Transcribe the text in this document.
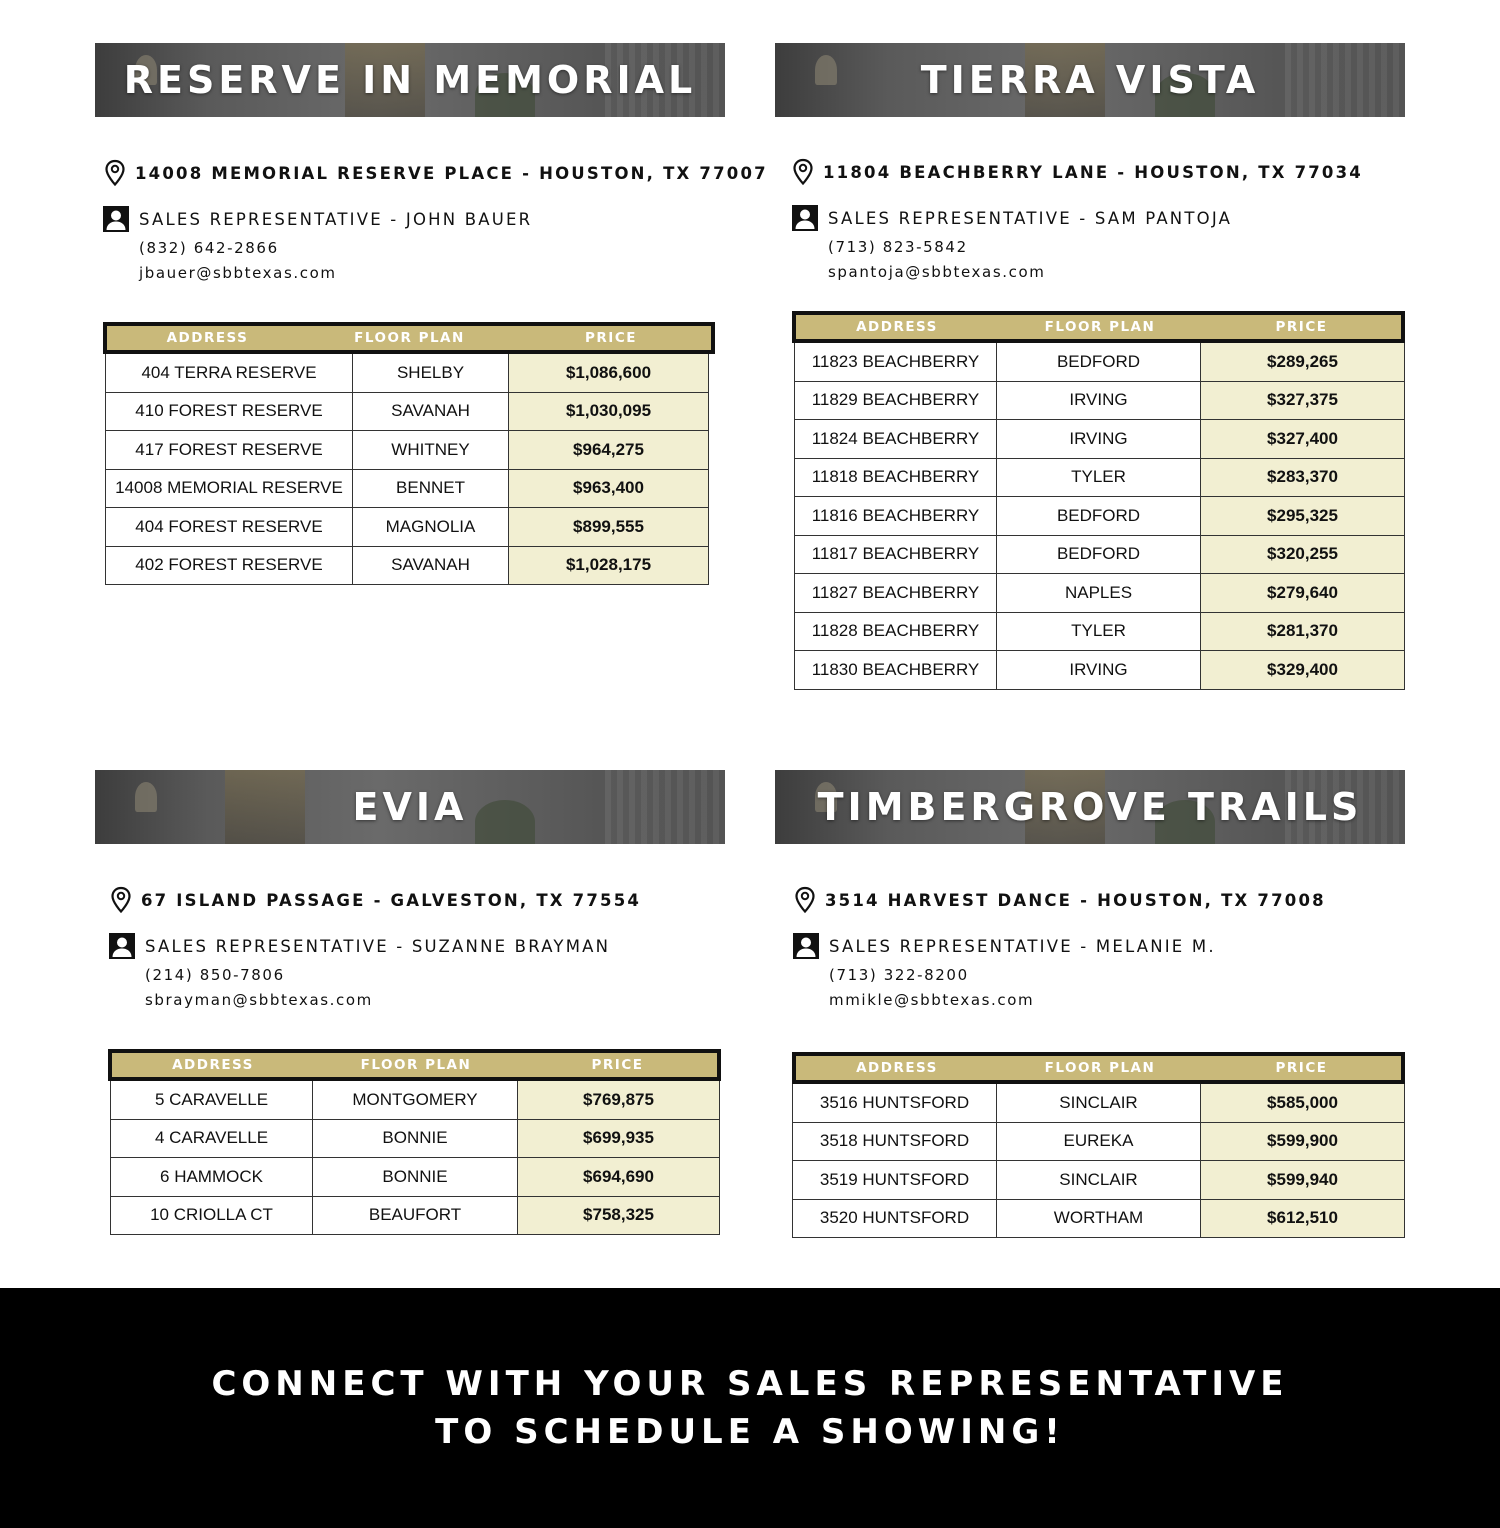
RESERVE IN MEMORIAL
14008 MEMORIAL RESERVE PLACE - HOUSTON, TX 77007
SALES REPRESENTATIVE - JOHN BAUER
(832) 642-2866
jbauer@sbbtexas.com
ADDRESS	FLOOR PLAN	PRICE
404 TERRA RESERVE	SHELBY	$1,086,600
410 FOREST RESERVE	SAVANAH	$1,030,095
417 FOREST RESERVE	WHITNEY	$964,275
14008 MEMORIAL RESERVE	BENNET	$963,400
404 FOREST RESERVE	MAGNOLIA	$899,555
402 FOREST RESERVE	SAVANAH	$1,028,175
TIERRA VISTA
11804 BEACHBERRY LANE - HOUSTON, TX 77034
SALES REPRESENTATIVE - SAM PANTOJA
(713) 823-5842
spantoja@sbbtexas.com
ADDRESS	FLOOR PLAN	PRICE
11823 BEACHBERRY	BEDFORD	$289,265
11829 BEACHBERRY	IRVING	$327,375
11824 BEACHBERRY	IRVING	$327,400
11818 BEACHBERRY	TYLER	$283,370
11816 BEACHBERRY	BEDFORD	$295,325
11817 BEACHBERRY	BEDFORD	$320,255
11827 BEACHBERRY	NAPLES	$279,640
11828 BEACHBERRY	TYLER	$281,370
11830 BEACHBERRY	IRVING	$329,400
EVIA
67 ISLAND PASSAGE - GALVESTON, TX 77554
SALES REPRESENTATIVE - SUZANNE BRAYMAN
(214) 850-7806
sbrayman@sbbtexas.com
ADDRESS	FLOOR PLAN	PRICE
5 CARAVELLE	MONTGOMERY	$769,875
4 CARAVELLE	BONNIE	$699,935
6 HAMMOCK	BONNIE	$694,690
10 CRIOLLA CT	BEAUFORT	$758,325
TIMBERGROVE TRAILS
3514 HARVEST DANCE - HOUSTON, TX 77008
SALES REPRESENTATIVE - MELANIE M.
(713) 322-8200
mmikle@sbbtexas.com
ADDRESS	FLOOR PLAN	PRICE
3516 HUNTSFORD	SINCLAIR	$585,000
3518 HUNTSFORD	EUREKA	$599,900
3519 HUNTSFORD	SINCLAIR	$599,940
3520 HUNTSFORD	WORTHAM	$612,510
CONNECT WITH YOUR SALES REPRESENTATIVE
TO SCHEDULE A SHOWING!
